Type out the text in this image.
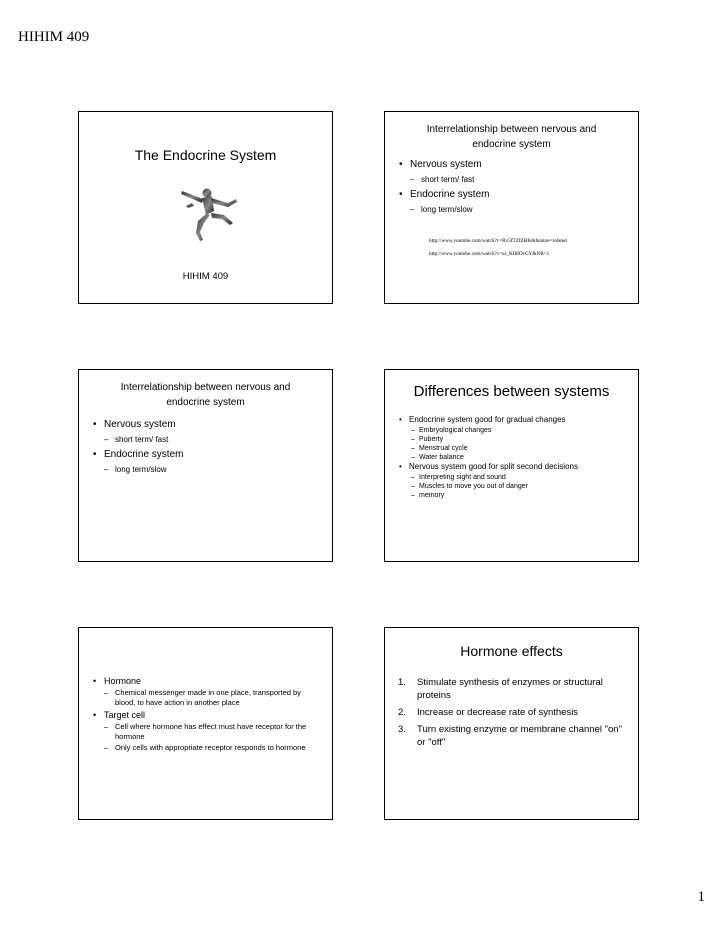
HIHIM 409
The Endocrine System
HIHIM 409
Interrelationship between nervous and endocrine system
• Nervous system
– short term/ fast
• Endocrine system
– long term/slow
http://www.youtube.com/watch?v=Rv5fTZfZHIs&feature=related
http://www.youtube.com/watch?v=sz_KIbIOcGY&NR=1
Interrelationship between nervous and endocrine system
• Nervous system
– short term/ fast
• Endocrine system
– long term/slow
Differences between systems
• Endocrine system good for gradual changes
– Embryological changes
– Puberty
– Menstrual cycle
– Water balance
• Nervous system good for split second decisions
– Interpreting sight and sound
– Muscles to move you out of danger
– memory
• Hormone
– Chemical messenger made in one place, transported by blood, to have action in another place
• Target cell
– Cell where hormone has effect must have receptor for the hormone
– Only cells with appropriate receptor responds to hormone
Hormone effects
1. Stimulate synthesis of enzymes or structural proteins
2. Increase or decrease rate of synthesis
3. Turn existing enzyme or membrane channel "on" or "off"
1
